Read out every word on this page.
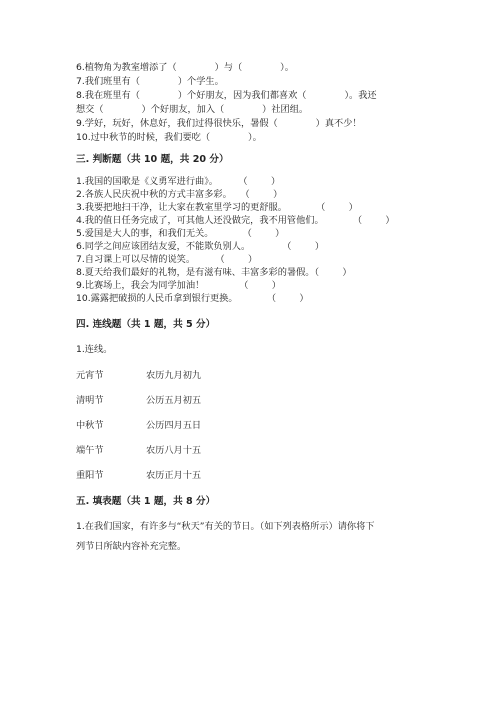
6.植物角为教室增添了（             ）与（             ）。
7.我们班里有（             ）个学生。
8.我在班里有（             ）个好朋友，因为我们都喜欢（             ）。我还
想交（             ）个好朋友，加入（             ）社团组。
9.学好，玩好，休息好，我们过得很快乐，暑假（             ）真不少！
10.过中秋节的时候，我们要吃（             ）。
三. 判断题（共 10 题，共 20 分）
1.我国的国歌是《义勇军进行曲》。       （        ）
2.各族人民庆祝中秋的方式丰富多彩。   （        ）
3.我要把地扫干净，让大家在教室里学习的更舒服。          （        ）
4.我的值日任务完成了，可其他人还没做完，我不用管他们。          （        ）
5.爱国是大人的事，和我们无关。          （        ）
6.同学之间应该团结友爱，不能欺负别人。           （        ）
7.自习课上可以尽情的说笑。       （        ）
8.夏天给我们最好的礼物，是有滋有味、丰富多彩的暑假。（        ）
9.比赛场上，我会为同学加油！            （        ）
10.露露把破损的人民币拿到银行更换。          （        ）
四. 连线题（共 1 题，共 5 分）
1.连线。
元宵节	农历九月初九
清明节	公历五月初五
中秋节	公历四月五日
端午节	农历八月十五
重阳节	农历正月十五
五. 填表题（共 1 题，共 8 分）
1.在我们国家，有许多与“秋天”有关的节日。（如下列表格所示）请你将下
列节日所缺内容补充完整。
